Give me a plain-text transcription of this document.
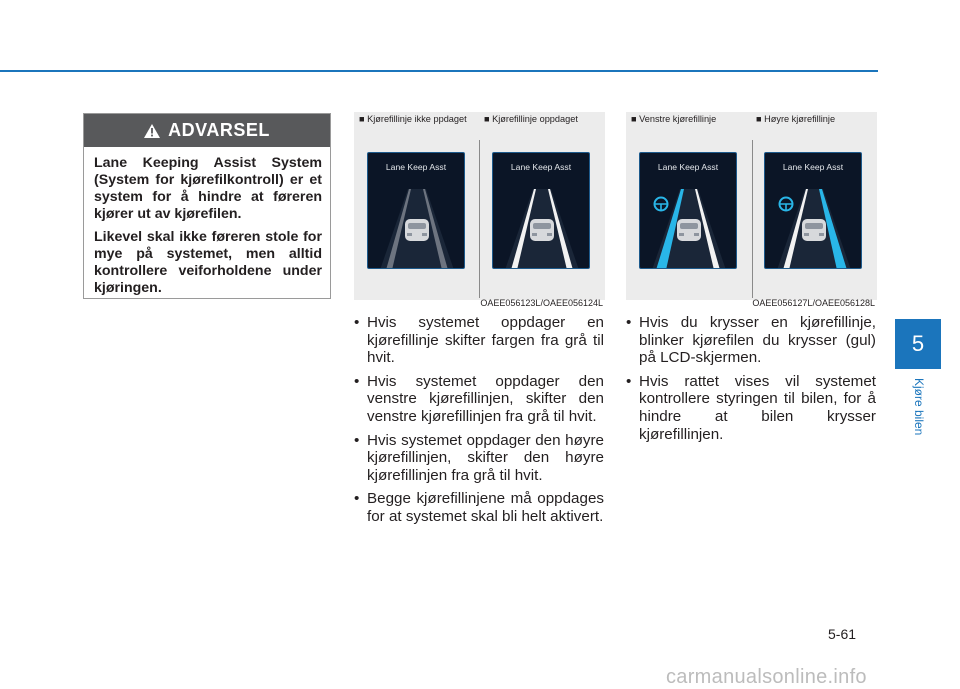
ADVARSEL

Lane Keeping Assist System (System for kjørefilkontroll) er et system for å hindre at føreren kjører ut av kjørefilen.

Likevel skal ikke føreren stole for mye på systemet, men alltid kontrollere veiforholdene under kjøringen.

■ Kjørefillinje ikke ppdaget	■ Kjørefillinje oppdaget
Lane Keep Asst	Lane Keep Asst
OAEE056123L/OAEE056124L
■ Venstre kjørefillinje	■ Høyre kjørefillinje
Lane Keep Asst	Lane Keep Asst
OAEE056127L/OAEE056128L
• Hvis systemet oppdager en kjørefillinje skifter fargen fra grå til hvit.
• Hvis systemet oppdager den venstre kjørefillinjen, skifter den venstre kjørefillinjen fra grå til hvit.
• Hvis systemet oppdager den høyre kjørefillinjen, skifter den høyre kjørefillinjen fra grå til hvit.
• Begge kjørefillinjene må oppdages for at systemet skal bli helt aktivert.
• Hvis du krysser en kjørefillinje, blinker kjørefilen du krysser (gul) på LCD-skjermen.
• Hvis rattet vises vil systemet kontrollere styringen til bilen, for å hindre at bilen krysser kjørefillinjen.
5
Kjøre bilen
5-61
carmanualsonline.info
